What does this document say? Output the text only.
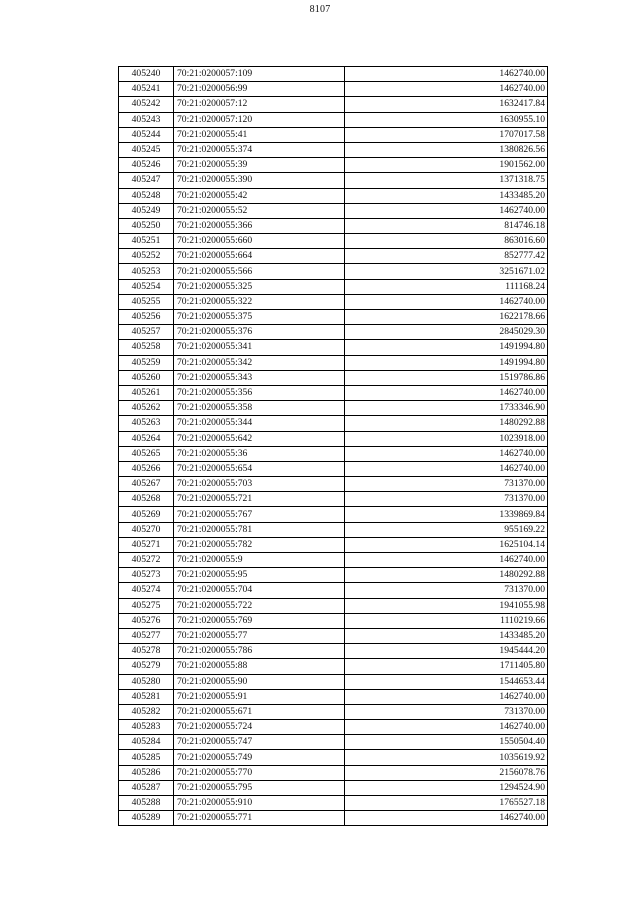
8107
405240	70:21:0200057:109	1462740.00
405241	70:21:0200056:99	1462740.00
405242	70:21:0200057:12	1632417.84
405243	70:21:0200057:120	1630955.10
405244	70:21:0200055:41	1707017.58
405245	70:21:0200055:374	1380826.56
405246	70:21:0200055:39	1901562.00
405247	70:21:0200055:390	1371318.75
405248	70:21:0200055:42	1433485.20
405249	70:21:0200055:52	1462740.00
405250	70:21:0200055:366	814746.18
405251	70:21:0200055:660	863016.60
405252	70:21:0200055:664	852777.42
405253	70:21:0200055:566	3251671.02
405254	70:21:0200055:325	111168.24
405255	70:21:0200055:322	1462740.00
405256	70:21:0200055:375	1622178.66
405257	70:21:0200055:376	2845029.30
405258	70:21:0200055:341	1491994.80
405259	70:21:0200055:342	1491994.80
405260	70:21:0200055:343	1519786.86
405261	70:21:0200055:356	1462740.00
405262	70:21:0200055:358	1733346.90
405263	70:21:0200055:344	1480292.88
405264	70:21:0200055:642	1023918.00
405265	70:21:0200055:36	1462740.00
405266	70:21:0200055:654	1462740.00
405267	70:21:0200055:703	731370.00
405268	70:21:0200055:721	731370.00
405269	70:21:0200055:767	1339869.84
405270	70:21:0200055:781	955169.22
405271	70:21:0200055:782	1625104.14
405272	70:21:0200055:9	1462740.00
405273	70:21:0200055:95	1480292.88
405274	70:21:0200055:704	731370.00
405275	70:21:0200055:722	1941055.98
405276	70:21:0200055:769	1110219.66
405277	70:21:0200055:77	1433485.20
405278	70:21:0200055:786	1945444.20
405279	70:21:0200055:88	1711405.80
405280	70:21:0200055:90	1544653.44
405281	70:21:0200055:91	1462740.00
405282	70:21:0200055:671	731370.00
405283	70:21:0200055:724	1462740.00
405284	70:21:0200055:747	1550504.40
405285	70:21:0200055:749	1035619.92
405286	70:21:0200055:770	2156078.76
405287	70:21:0200055:795	1294524.90
405288	70:21:0200055:910	1765527.18
405289	70:21:0200055:771	1462740.00
